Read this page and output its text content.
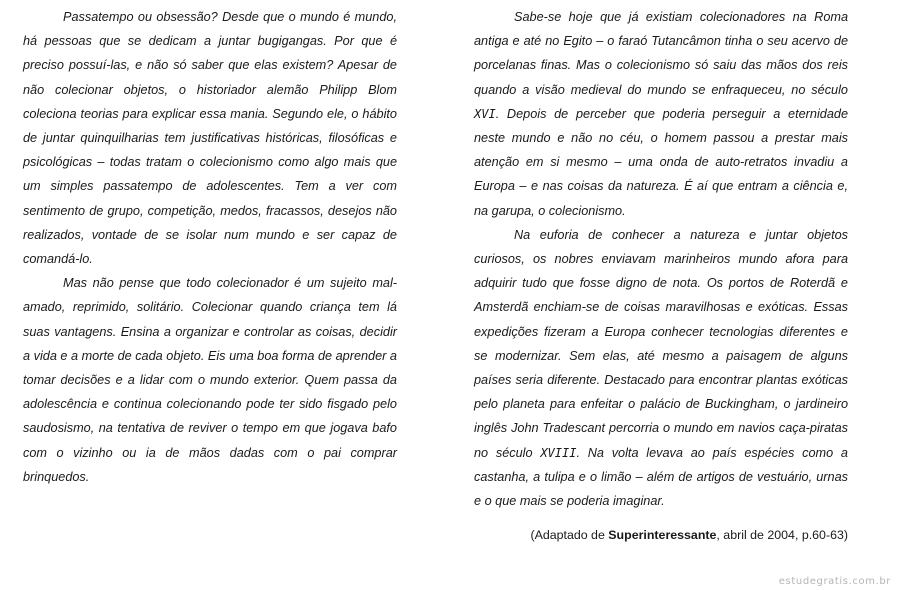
Passatempo ou obsessão? Desde que o mundo é mundo, há pessoas que se dedicam a juntar bugigangas. Por que é preciso possuí-las, e não só saber que elas existem? Apesar de não colecionar objetos, o historiador alemão Philipp Blom coleciona teorias para explicar essa mania. Segundo ele, o hábito de juntar quinquilharias tem justificativas históricas, filosóficas e psicológicas – todas tratam o colecionismo como algo mais que um simples passatempo de adolescentes. Tem a ver com sentimento de grupo, competição, medos, fracassos, desejos não realizados, vontade de se isolar num mundo e ser capaz de comandá-lo.

Mas não pense que todo colecionador é um sujeito mal-amado, reprimido, solitário. Colecionar quando criança tem lá suas vantagens. Ensina a organizar e controlar as coisas, decidir a vida e a morte de cada objeto. Eis uma boa forma de aprender a tomar decisões e a lidar com o mundo exterior. Quem passa da adolescência e continua colecionando pode ter sido fisgado pelo saudosismo, na tentativa de reviver o tempo em que jogava bafo com o vizinho ou ia de mãos dadas com o pai comprar brinquedos.

Sabe-se hoje que já existiam colecionadores na Roma antiga e até no Egito – o faraó Tutancâmon tinha o seu acervo de porcelanas finas. Mas o colecionismo só saiu das mãos dos reis quando a visão medieval do mundo se enfraqueceu, no século XVI. Depois de perceber que poderia perseguir a eternidade neste mundo e não no céu, o homem passou a prestar mais atenção em si mesmo – uma onda de auto-retratos invadiu a Europa – e nas coisas da natureza. É aí que entram a ciência e, na garupa, o colecionismo.

Na euforia de conhecer a natureza e juntar objetos curiosos, os nobres enviavam marinheiros mundo afora para adquirir tudo que fosse digno de nota. Os portos de Roterdã e Amsterdã enchiam-se de coisas maravilhosas e exóticas. Essas expedições fizeram a Europa conhecer tecnologias diferentes e se modernizar. Sem elas, até mesmo a paisagem de alguns países seria diferente. Destacado para encontrar plantas exóticas pelo planeta para enfeitar o palácio de Buckingham, o jardineiro inglês John Tradescant percorria o mundo em navios caça-piratas no século XVIII. Na volta levava ao país espécies como a castanha, a tulipa e o limão – além de artigos de vestuário, urnas e o que mais se poderia imaginar.

(Adaptado de Superinteressante, abril de 2004, p.60-63)
estudegratis.com.br
